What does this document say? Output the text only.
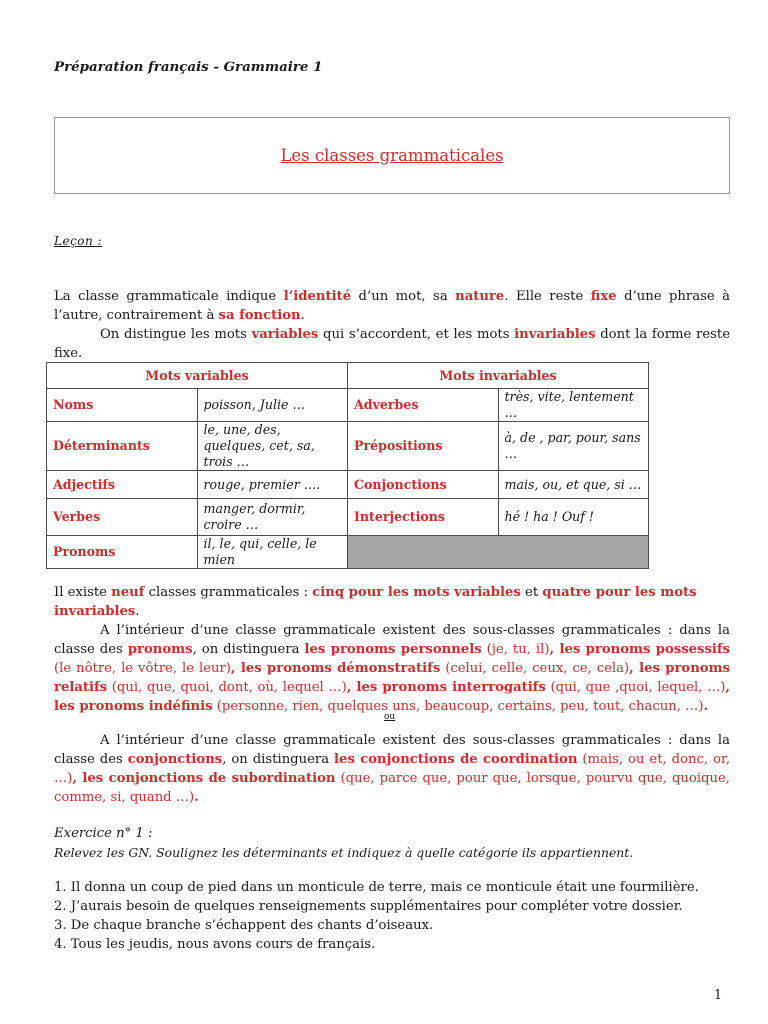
Préparation français - Grammaire 1
Les classes grammaticales
Leçon :

La classe grammaticale indique l’identité d’un mot, sa nature. Elle reste fixe d’une phrase à l’autre, contrairement à sa fonction.

On distingue les mots variables qui s’accordent, et les mots invariables dont la forme reste fixe.

Mots variables		Mots invariables	
Noms	poisson, Julie …	Adverbes	très, vite, lentement …
Déterminants	le, une, des, quelques, cet, sa, trois …	Prépositions	à, de , par, pour, sans …
Adjectifs	rouge, premier ….	Conjonctions	mais, ou, et que, si …
Verbes	manger, dormir, croire …	Interjections	hé ! ha ! Ouf !
Pronoms	il, le, qui, celle, le mien		
Il existe neuf classes grammaticales : cinq pour les mots variables et quatre pour les mots invariables.

A l’intérieur d’une classe grammaticale existent des sous-classes grammaticales : dans la classe des pronoms, on distinguera les pronoms personnels (je, tu, il), les pronoms possessifs (le nôtre, le vôtre, le leur), les pronoms démonstratifs (celui, celle, ceux, ce, cela), les pronoms relatifs (qui, que, quoi, dont, où, lequel …), les pronoms interrogatifs (qui, que ,quoi, lequel, …), les pronoms indéfinis (personne, rien, quelques uns, beaucoup, certains, peu, tout, chacun, …).

ou

A l’intérieur d’une classe grammaticale existent des sous-classes grammaticales : dans la classe des conjonctions, on distinguera les conjonctions de coordination (mais, ou et, donc, or, …), les conjonctions de subordination (que, parce que, pour que, lorsque, pourvu que, quoique, comme, si, quand …).

Exercice n° 1 :
Relevez les GN. Soulignez les déterminants et indiquez à quelle catégorie ils appartiennent.
1. Il donna un coup de pied dans un monticule de terre, mais ce monticule était une fourmilière.
2. J’aurais besoin de quelques renseignements supplémentaires pour compléter votre dossier.
3. De chaque branche s’échappent des chants d’oiseaux.
4. Tous les jeudis, nous avons cours de français.
1
